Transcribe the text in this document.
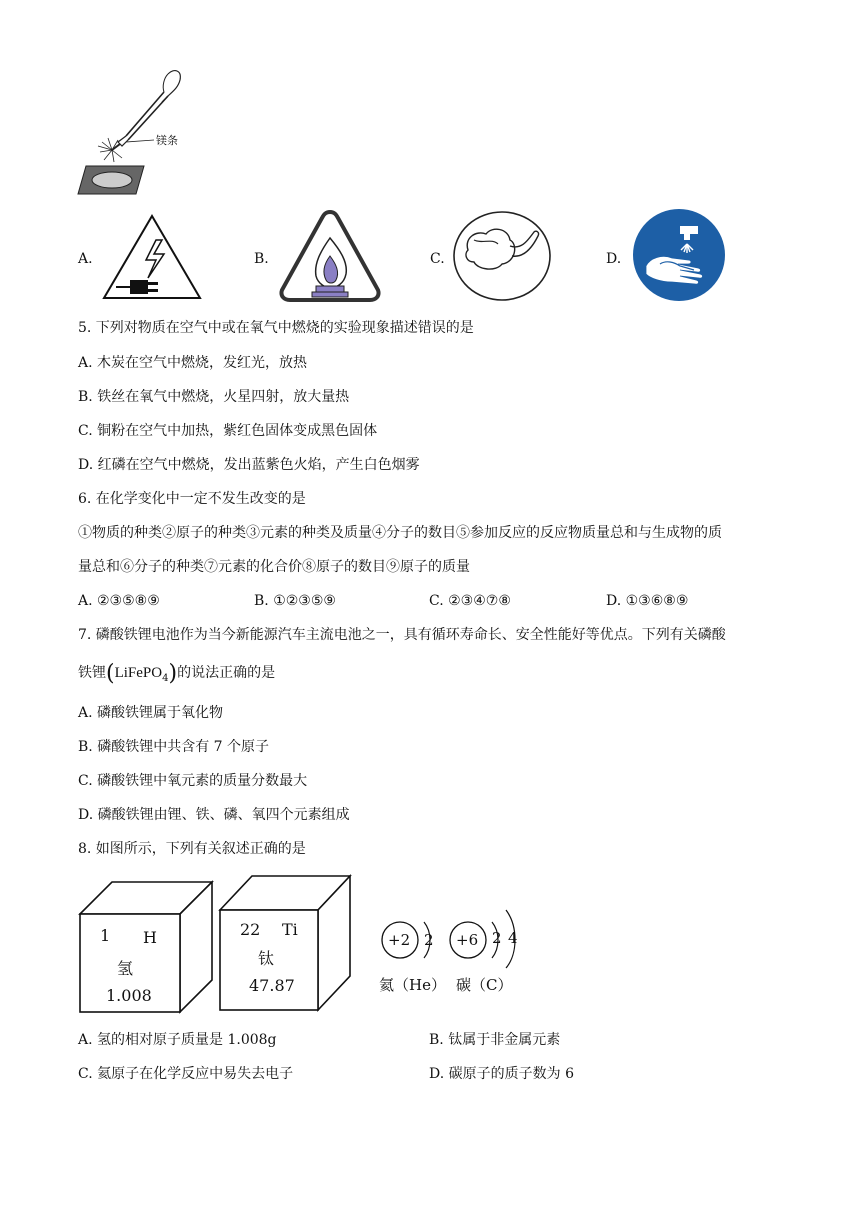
镁条
A.	B.	C.	D.
5. 下列对物质在空气中或在氧气中燃烧的实验现象描述错误的是
A. 木炭在空气中燃烧，发红光，放热
B. 铁丝在氧气中燃烧，火星四射，放大量热
C. 铜粉在空气中加热，紫红色固体变成黑色固体
D. 红磷在空气中燃烧，发出蓝紫色火焰，产生白色烟雾
6. 在化学变化中一定不发生改变的是
①物质的种类②原子的种类③元素的种类及质量④分子的数目⑤参加反应的反应物质量总和与生成物的质
量总和⑥分子的种类⑦元素的化合价⑧原子的数目⑨原子的质量
A. ②③⑤⑧⑨	B. ①②③⑤⑨	C. ②③④⑦⑧	D. ①③⑥⑧⑨
7. 磷酸铁锂电池作为当今新能源汽车主流电池之一，具有循环寿命长、安全性能好等优点。下列有关磷酸
铁锂(LiFePO$_4$)的说法正确的是
A. 磷酸铁锂属于氧化物
B. 磷酸铁锂中共含有 7 个原子
C. 磷酸铁锂中氧元素的质量分数最大
D. 磷酸铁锂由锂、铁、磷、氧四个元素组成
8. 如图所示，下列有关叙述正确的是
1 H
氢
1.008
22 Ti
钛
47.87
+2 2
氦（He）
+6 2 4
碳（C）
A. 氢的相对原子质量是 1.008g	B. 钛属于非金属元素
C. 氦原子在化学反应中易失去电子	D. 碳原子的质子数为 6
